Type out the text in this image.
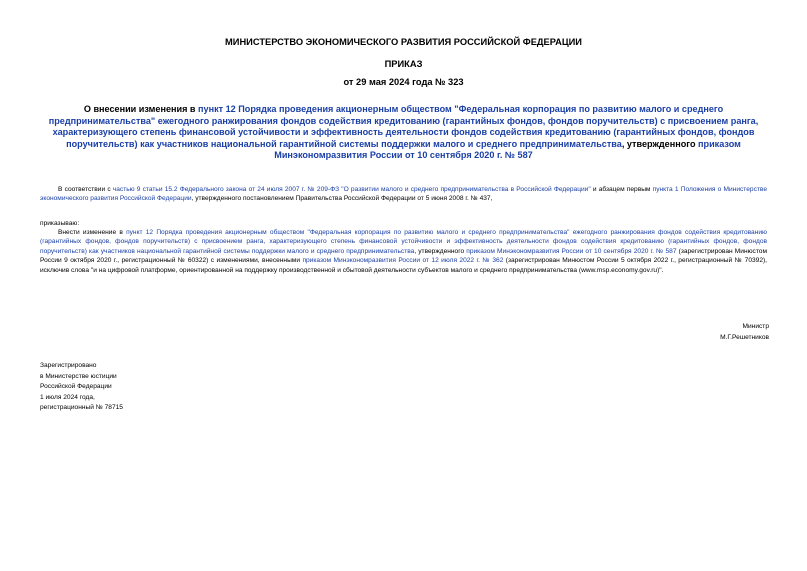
МИНИСТЕРСТВО ЭКОНОМИЧЕСКОГО РАЗВИТИЯ РОССИЙСКОЙ ФЕДЕРАЦИИ
ПРИКАЗ
от 29 мая 2024 года № 323
О внесении изменения в пункт 12 Порядка проведения акционерным обществом "Федеральная корпорация по развитию малого и среднего предпринимательства" ежегодного ранжирования фондов содействия кредитованию (гарантийных фондов, фондов поручительств) с присвоением ранга, характеризующего степень финансовой устойчивости и эффективность деятельности фондов содействия кредитованию (гарантийных фондов, фондов поручительств) как участников национальной гарантийной системы поддержки малого и среднего предпринимательства, утвержденного приказом Минэкономразвития России от 10 сентября 2020 г. № 587
В соответствии с частью 9 статьи 15.2 Федерального закона от 24 июля 2007 г. № 209-ФЗ "О развитии малого и среднего предпринимательства в Российской Федерации" и абзацем первым пункта 1 Положения о Министерстве экономического развития Российской Федерации, утвержденного постановлением Правительства Российской Федерации от 5 июня 2008 г. № 437,
приказываю:
Внести изменение в пункт 12 Порядка проведения акционерным обществом "Федеральная корпорация по развитию малого и среднего предпринимательства" ежегодного ранжирования фондов содействия кредитованию (гарантийных фондов, фондов поручительств) с присвоением ранга, характеризующего степень финансовой устойчивости и эффективность деятельности фондов содействия кредитованию (гарантийных фондов, фондов поручительств) как участников национальной гарантийной системы поддержки малого и среднего предпринимательства, утвержденного приказом Минэкономразвития России от 10 сентября 2020 г. № 587 (зарегистрирован Минюстом России 9 октября 2020 г., регистрационный № 60322) с изменениями, внесенными приказом Минэкономразвития России от 12 июля 2022 г. № 362 (зарегистрирован Минюстом России 5 октября 2022 г., регистрационный № 70392), исключив слова "и на цифровой платформе, ориентированной на поддержку производственной и сбытовой деятельности субъектов малого и среднего предпринимательства (www.msp.economy.gov.ru)".
Министр
М.Г.Решетников
Зарегистрировано
в Министерстве юстиции
Российской Федерации
1 июля 2024 года,
регистрационный № 78715
